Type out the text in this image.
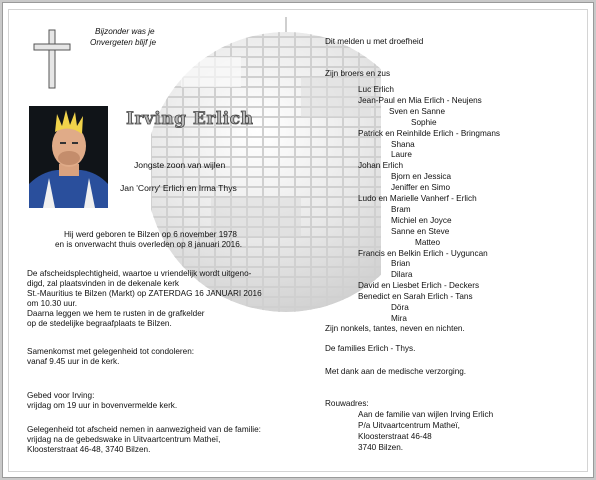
Bijzonder was je
Onvergeten blijf je
Irving Erlich
Jongste zoon van wijlen
Jan 'Corry' Erlich en Irma Thys
Hij werd geboren te Bilzen op 6 november 1978
en is onverwacht thuis overleden op 8 januari 2016.
De afscheidsplechtigheid, waartoe u vriendelijk wordt uitgeno-
digd, zal plaatsvinden in de dekenale kerk
St.-Mauritius te Bilzen (Markt) op ZATERDAG 16 JANUARI 2016
om 10.30 uur.
Daarna leggen we hem te rusten in de grafkelder
op de stedelijke begraafplaats te Bilzen.
Samenkomst met gelegenheid tot condoleren:
vanaf 9.45 uur in de kerk.
Gebed voor Irving:
vrijdag om 19 uur in bovenvermelde kerk.
Gelegenheid tot afscheid nemen in aanwezigheid van de familie:
vrijdag na de gebedswake in Uitvaartcentrum Matheï,
Kloosterstraat 46-48, 3740 Bilzen.
Dit melden u met droefheid
Zijn broers en zus
Luc Erlich
Jean-Paul en Mia Erlich - Neujens
Sven en Sanne
Sophie
Patrick en Reinhilde Erlich - Bringmans
Shana
Laure
Johan Erlich
Bjorn en Jessica
Jeniffer en Simo
Ludo en Marielle Vanherf - Erlich
Bram
Michiel en Joyce
Sanne en Steve
Matteo
Francis en Belkin Erlich - Uyguncan
Brian
Dilara
David en Liesbet Erlich - Deckers
Benedict en Sarah Erlich - Tans
Döra
Mira
Zijn nonkels, tantes, neven en nichten.
De families Erlich - Thys.
Met dank aan de medische verzorging.
Rouwadres:
Aan de familie van wijlen Irving Erlich
P/a Uitvaartcentrum Matheï,
Kloosterstraat 46-48
3740 Bilzen.
